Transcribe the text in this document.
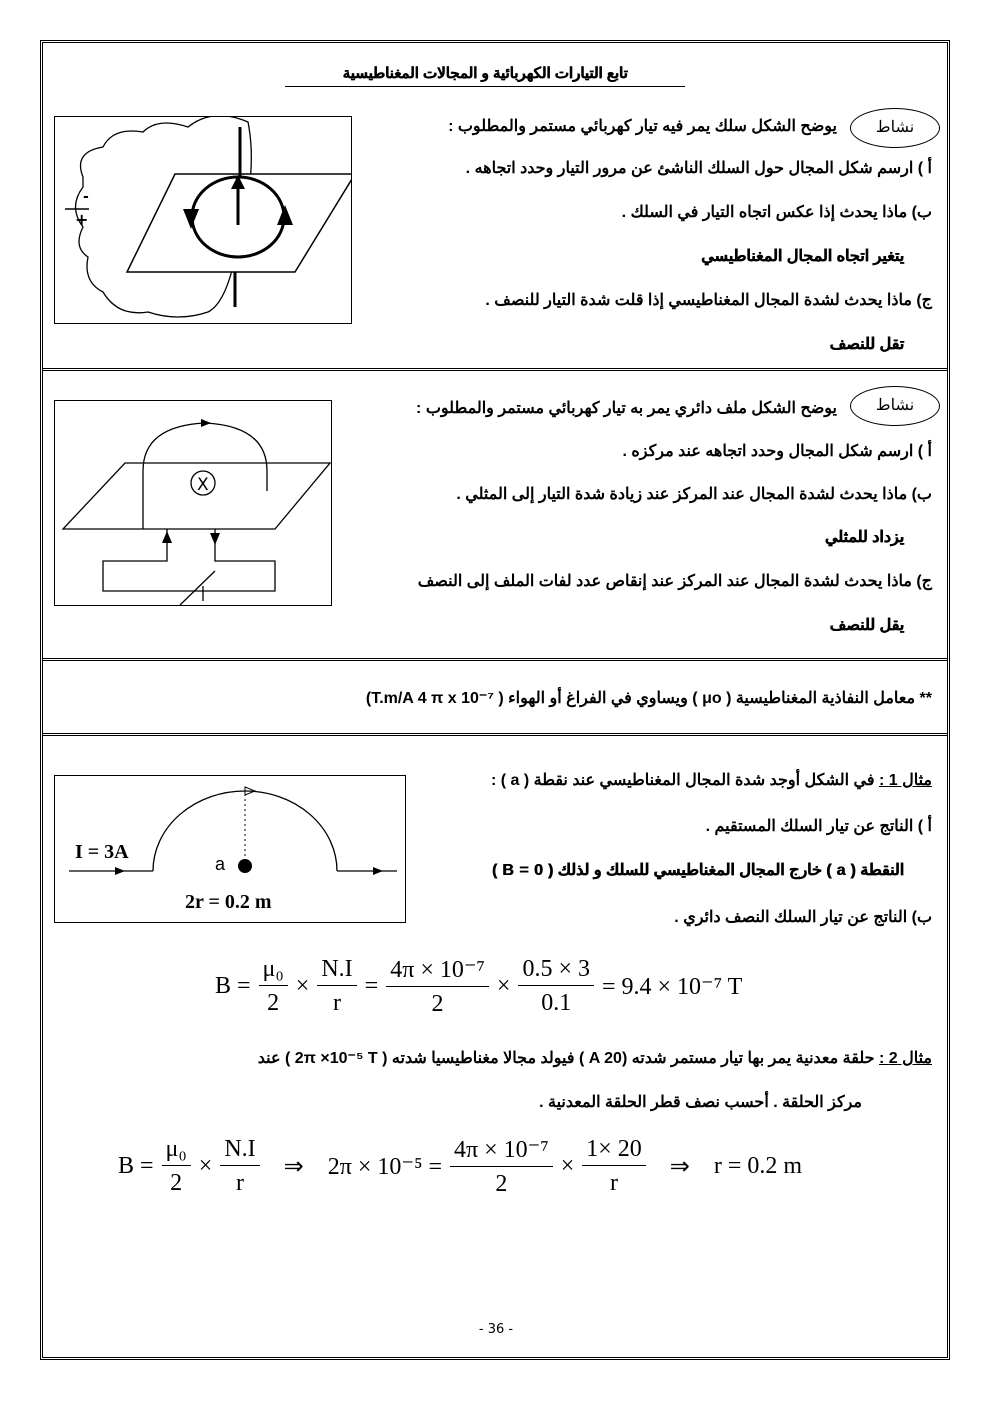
تابع التيارات الكهربائية و المجالات المغناطيسية
نشاط
يوضح الشكل سلك يمر فيه تيار كهربائي مستمر والمطلوب :
أ ) ارسم شكل المجال حول السلك الناشئ عن مرور التيار وحدد اتجاهه .
ب) ماذا يحدث إذا عكس اتجاه التيار في السلك .
يتغير اتجاه المجال المغناطيسي
ج) ماذا يحدث لشدة المجال المغناطيسي إذا قلت شدة التيار للنصف .
تقل للنصف
-
+
نشاط
يوضح الشكل ملف دائري يمر به تيار كهربائي مستمر والمطلوب :
أ ) ارسم شكل المجال وحدد اتجاهه عند مركزه .
ب) ماذا يحدث لشدة المجال عند المركز عند زيادة شدة التيار إلى المثلي .
يزداد للمثلي
ج) ماذا يحدث لشدة المجال عند المركز عند إنقاص عدد لفات الملف إلى النصف
يقل للنصف
X
** معامل النفاذية المغناطيسية ( μo ) ويساوي في الفراغ أو الهواء ( T.m/A 4 π x 10⁻⁷)
مثال 1 : في الشكل أوجد شدة المجال المغناطيسي عند نقطة ( a ) :
أ ) الناتج عن تيار السلك المستقيم .
النقطة ( a ) خارج المجال المغناطيسي للسلك و لذلك ( B = 0 )
ب) الناتج عن تيار السلك النصف دائري .
I = 3A
a
2r = 0.2 m
$B = \frac{\text{μ₀}}{2} \times \frac{N.I}{r} = \frac{\text{4π × 10⁻⁷}}{2} \times \frac{0.5 \times 3}{0.1} = 9.4 \times 10^{-7}$ T
مثال 2 : حلقة معدنية يمر بها تيار مستمر شدته (A 20 ) فيولد مجالا مغناطيسيا شدته ( 2π ×10⁻⁵ T ) عند
مركز الحلقة . أحسب نصف قطر الحلقة المعدنية .
$B = \frac{\text{μ₀}}{2} \times \frac{N.I}{r}$ ⇒ $2\pi \times 10^{-5} = \frac{\text{4π × 10⁻⁷}}{2} \times \frac{1\times 20}{r}$ ⇒ r = 0.2 m
- 36 -
